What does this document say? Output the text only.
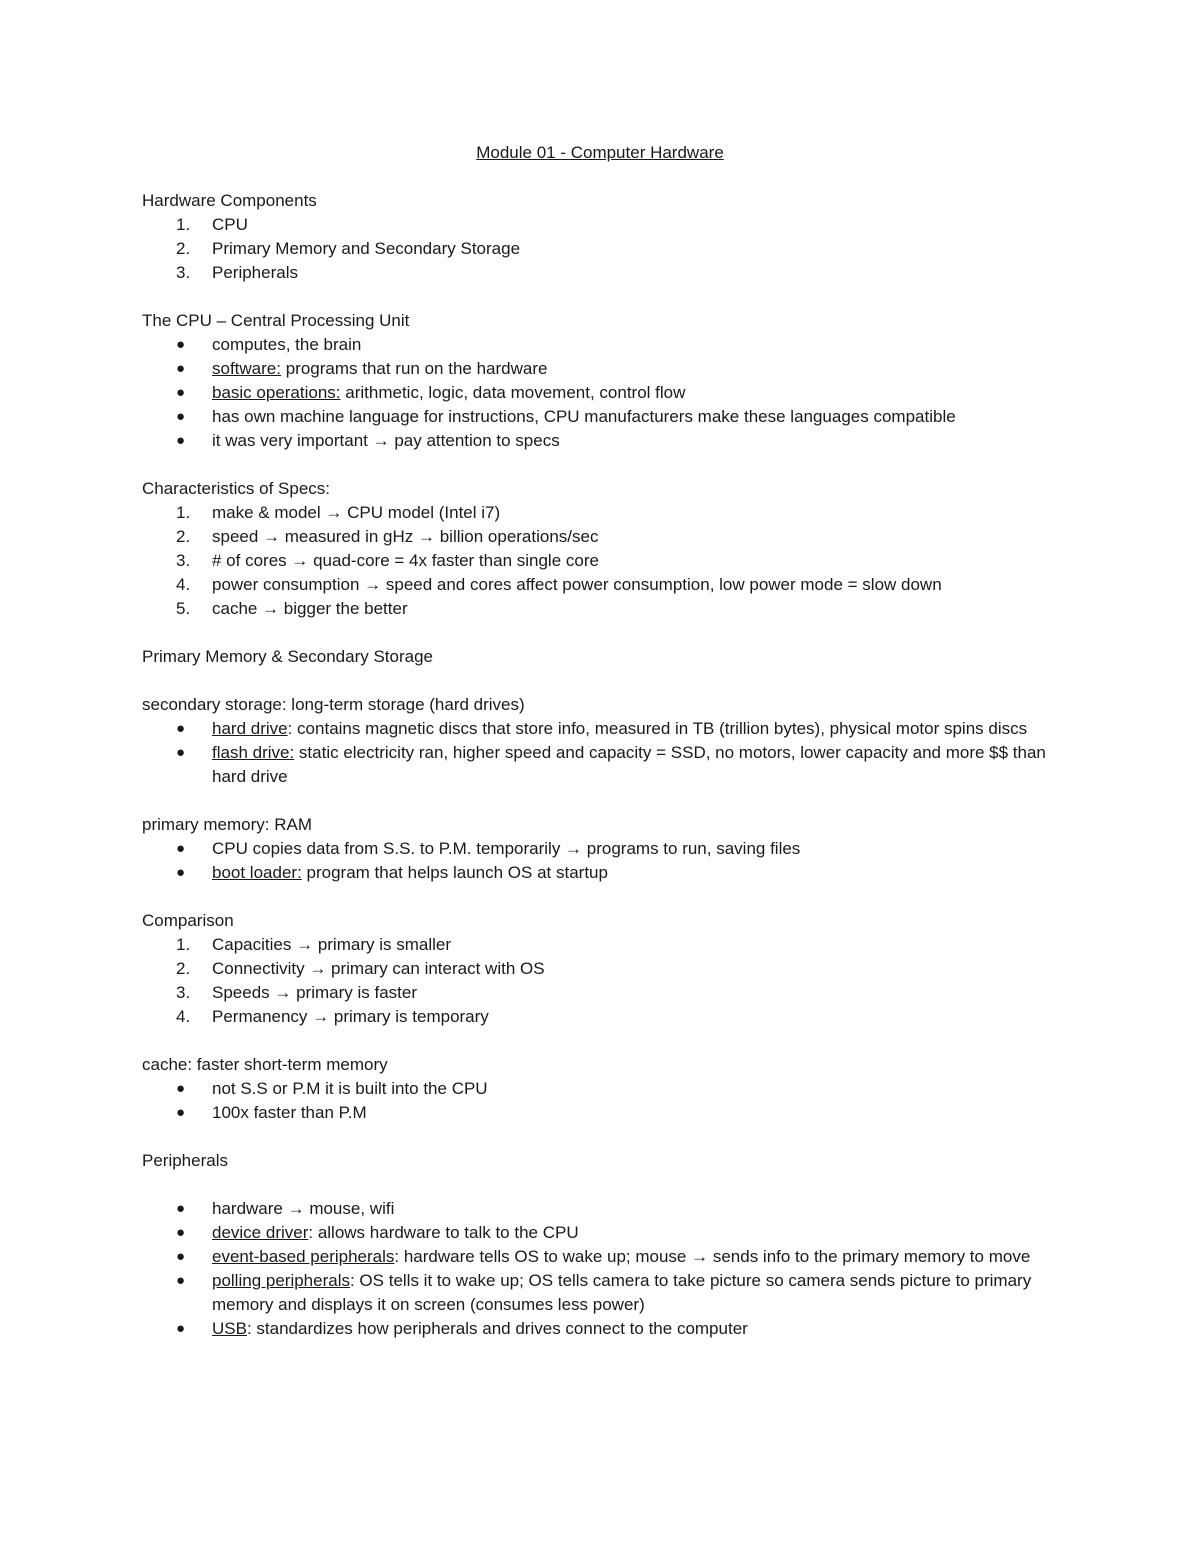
Module 01 - Computer Hardware
Hardware Components
1.	CPU
2.	Primary Memory and Secondary Storage
3.	Peripherals
The CPU – Central Processing Unit
●	computes, the brain
●	software: programs that run on the hardware
●	basic operations: arithmetic, logic, data movement, control flow
●	has own machine language for instructions, CPU manufacturers make these languages compatible
●	it was very important → pay attention to specs
Characteristics of Specs:
1.	make & model → CPU model (Intel i7)
2.	speed → measured in gHz → billion operations/sec
3.	# of cores → quad-core = 4x faster than single core
4.	power consumption → speed and cores affect power consumption, low power mode = slow down
5.	cache → bigger the better
Primary Memory & Secondary Storage
secondary storage: long-term storage (hard drives)
●	hard drive: contains magnetic discs that store info, measured in TB (trillion bytes), physical motor spins discs
●	flash drive: static electricity ran, higher speed and capacity = SSD, no motors, lower capacity and more $$ than hard drive
primary memory: RAM
●	CPU copies data from S.S. to P.M. temporarily → programs to run, saving files
●	boot loader: program that helps launch OS at startup
Comparison
1.	Capacities → primary is smaller
2.	Connectivity → primary can interact with OS
3.	Speeds → primary is faster
4.	Permanency → primary is temporary
cache: faster short-term memory
●	not S.S or P.M it is built into the CPU
●	100x faster than P.M
Peripherals
●	hardware → mouse, wifi
●	device driver: allows hardware to talk to the CPU
●	event-based peripherals: hardware tells OS to wake up; mouse → sends info to the primary memory to move
●	polling peripherals: OS tells it to wake up; OS tells camera to take picture so camera sends picture to primary memory and displays it on screen (consumes less power)
●	USB: standardizes how peripherals and drives connect to the computer
